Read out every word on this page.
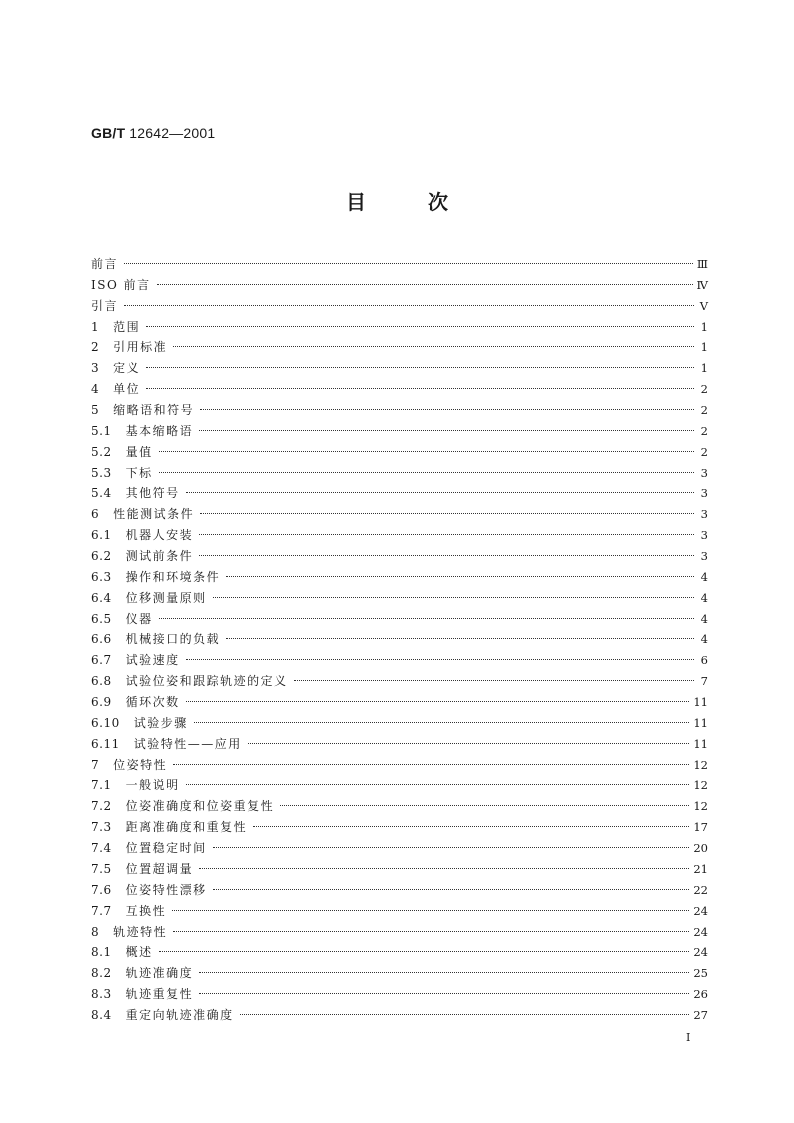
GB/T 12642—2001
目次
前言	Ⅲ
ISO 前言	Ⅳ
引言	Ⅴ
1 范围	1
2 引用标准	1
3 定义	1
4 单位	2
5 缩略语和符号	2
5.1 基本缩略语	2
5.2 量值	2
5.3 下标	3
5.4 其他符号	3
6 性能测试条件	3
6.1 机器人安装	3
6.2 测试前条件	3
6.3 操作和环境条件	4
6.4 位移测量原则	4
6.5 仪器	4
6.6 机械接口的负载	4
6.7 试验速度	6
6.8 试验位姿和跟踪轨迹的定义	7
6.9 循环次数	11
6.10 试验步骤	11
6.11 试验特性——应用	11
7 位姿特性	12
7.1 一般说明	12
7.2 位姿准确度和位姿重复性	12
7.3 距离准确度和重复性	17
7.4 位置稳定时间	20
7.5 位置超调量	21
7.6 位姿特性漂移	22
7.7 互换性	24
8 轨迹特性	24
8.1 概述	24
8.2 轨迹准确度	25
8.3 轨迹重复性	26
8.4 重定向轨迹准确度	27
Ⅰ
